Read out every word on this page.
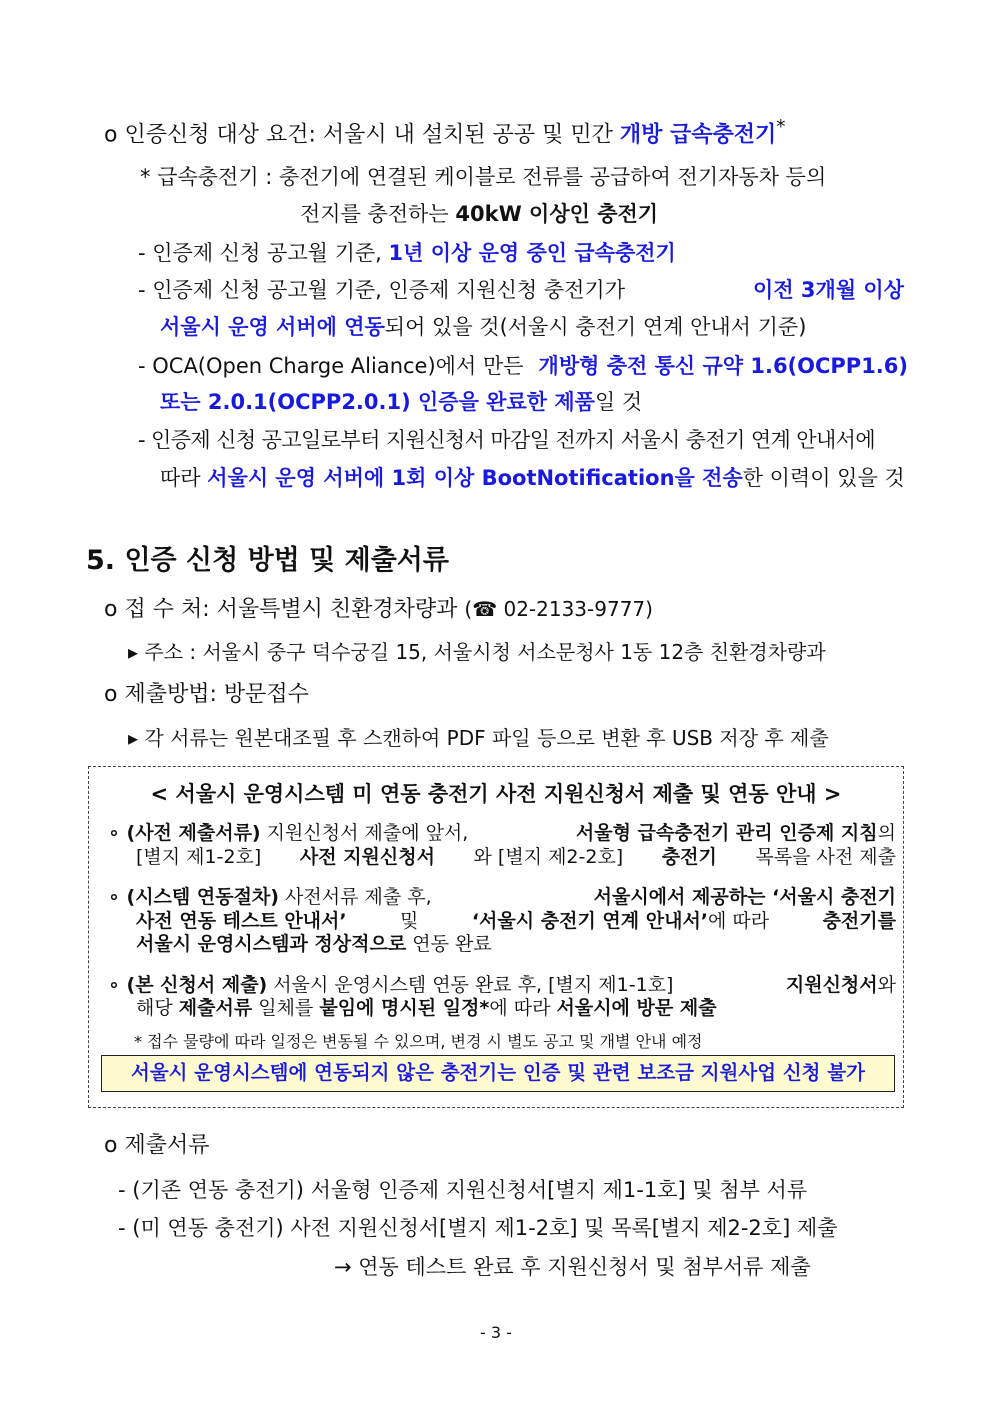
o 인증신청 대상 요건: 서울시 내 설치된 공공 및 민간 개방 급속충전기*
* 급속충전기 : 충전기에 연결된 케이블로 전류를 공급하여 전기자동차 등의
전지를 충전하는 40kW 이상인 충전기
- 인증제 신청 공고월 기준, 1년 이상 운영 중인 급속충전기
- 인증제 신청 공고월 기준, 인증제 지원신청 충전기가	이전 3개월 이상
서울시 운영 서버에 연동되어 있을 것(서울시 충전기 연계 안내서 기준)
- OCA(Open Charge Aliance)에서 만든 개방형 충전 통신 규약 1.6(OCPP1.6)
또는 2.0.1(OCPP2.0.1) 인증을 완료한 제품일 것
- 인증제 신청 공고일로부터 지원신청서 마감일 전까지 서울시 충전기 연계 안내서에
따라 서울시 운영 서버에 1회 이상 BootNotification을 전송한 이력이 있을 것
5. 인증 신청 방법 및 제출서류
o 접 수 처: 서울특별시 친환경차량과 (☎ 02-2133-9777)
▸ 주소 : 서울시 중구 덕수궁길 15, 서울시청 서소문청사 1동 12층 친환경차량과
o 제출방법: 방문접수
▸ 각 서류는 원본대조필 후 스캔하여 PDF 파일 등으로 변환 후 USB 저장 후 제출
< 서울시 운영시스템 미 연동 충전기 사전 지원신청서 제출 및 연동 안내 >
∘ (사전 제출서류) 지원신청서 제출에 앞서,	서울형 급속충전기 관리 인증제 지침의
[별지 제1-2호] 사전 지원신청서 와 [별지 제2-2호] 충전기 목록을 사전 제출
∘ (시스템 연동절차) 사전서류 제출 후,	서울시에서 제공하는 ‘서울시 충전기
사전 연동 테스트 안내서’	및	‘서울시 충전기 연계 안내서’에 따라	충전기를
서울시 운영시스템과 정상적으로 연동 완료
∘ (본 신청서 제출) 서울시 운영시스템 연동 완료 후, [별지 제1-1호]	지원신청서와
해당 제출서류 일체를 붙임에 명시된 일정*에 따라 서울시에 방문 제출
* 접수 물량에 따라 일정은 변동될 수 있으며, 변경 시 별도 공고 및 개별 안내 예정
서울시 운영시스템에 연동되지 않은 충전기는 인증 및 관련 보조금 지원사업 신청 불가
o 제출서류
- (기존 연동 충전기) 서울형 인증제 지원신청서[별지 제1-1호] 및 첨부 서류
- (미 연동 충전기) 사전 지원신청서[별지 제1-2호] 및 목록[별지 제2-2호] 제출
→ 연동 테스트 완료 후 지원신청서 및 첨부서류 제출
- 3 -
